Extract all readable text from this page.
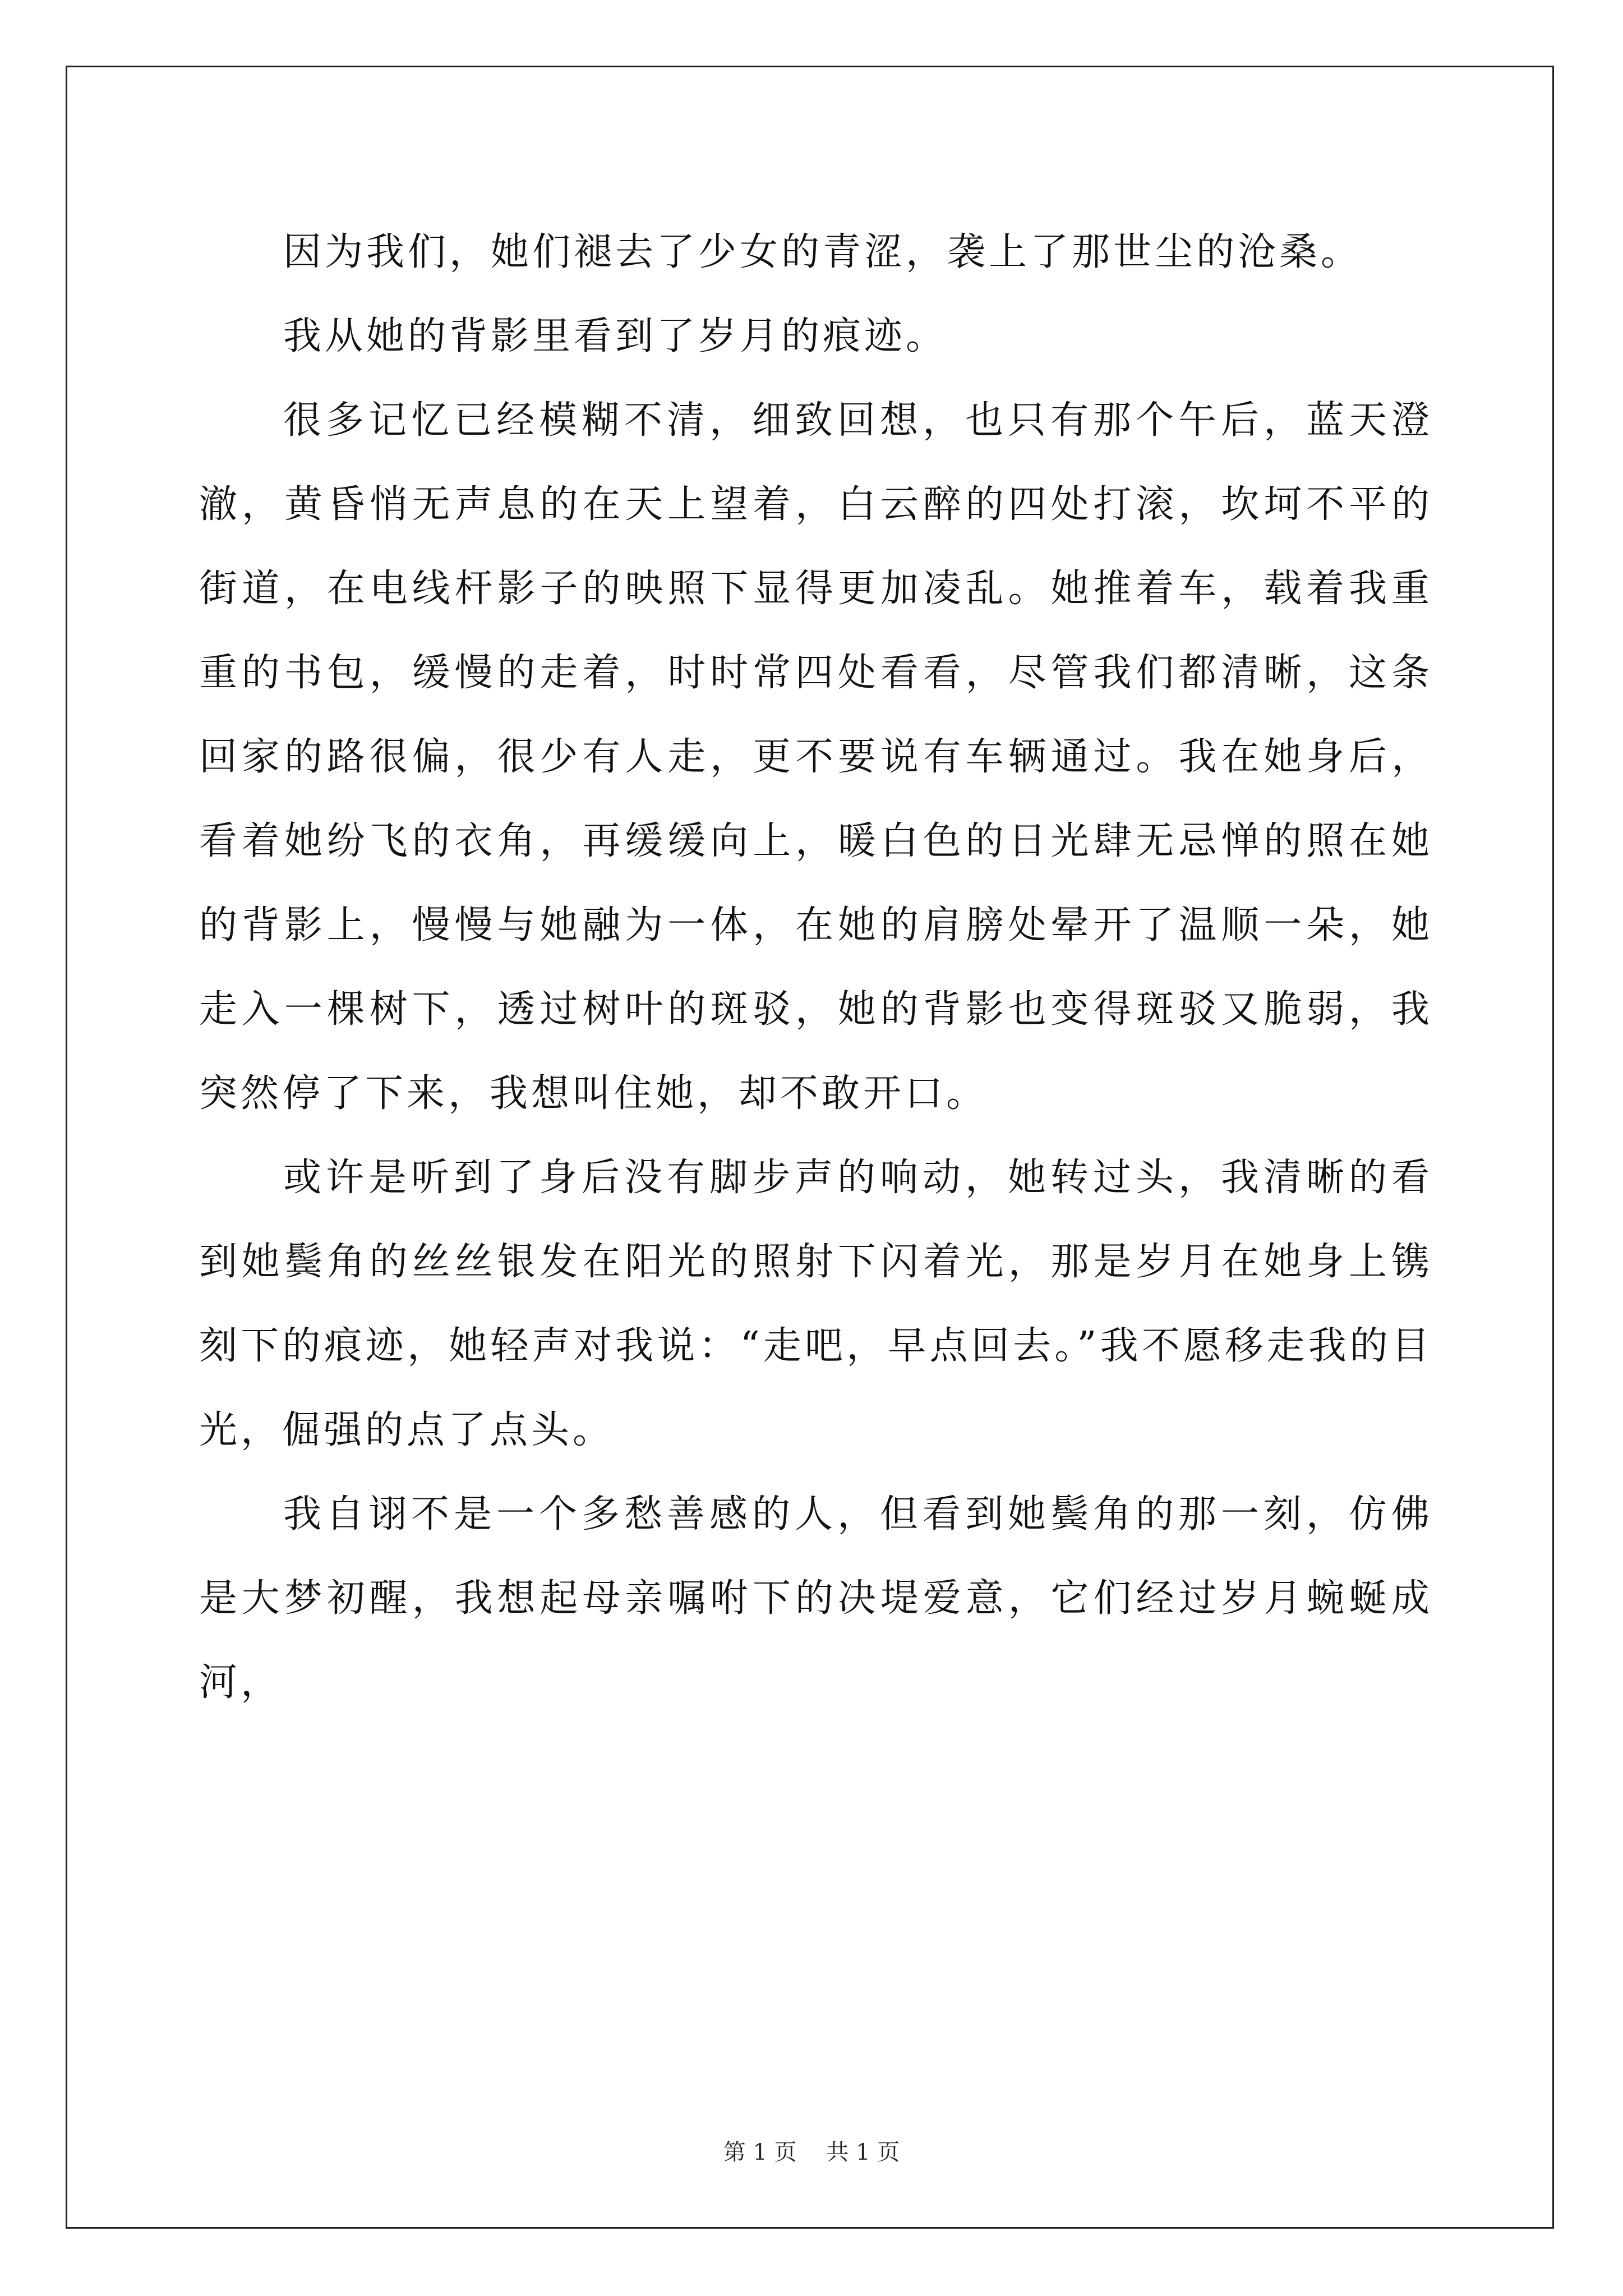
因为我们，她们褪去了少女的青涩，袭上了那世尘的沧桑。

我从她的背影里看到了岁月的痕迹。

很多记忆已经模糊不清，细致回想，也只有那个午后，蓝天澄澈，黄昏悄无声息的在天上望着，白云醉的四处打滚，坎坷不平的街道，在电线杆影子的映照下显得更加凌乱。她推着车，载着我重重的书包，缓慢的走着，时时常四处看看，尽管我们都清晰，这条回家的路很偏，很少有人走，更不要说有车辆通过。我在她身后，看着她纷飞的衣角，再缓缓向上，暖白色的日光肆无忌惮的照在她的背影上，慢慢与她融为一体，在她的肩膀处晕开了温顺一朵，她走入一棵树下，透过树叶的斑驳，她的背影也变得斑驳又脆弱，我突然停了下来，我想叫住她，却不敢开口。

或许是听到了身后没有脚步声的响动，她转过头，我清晰的看到她鬓角的丝丝银发在阳光的照射下闪着光，那是岁月在她身上镌刻下的痕迹，她轻声对我说：“走吧，早点回去。”我不愿移走我的目光，倔强的点了点头。

我自诩不是一个多愁善感的人，但看到她鬓角的那一刻，仿佛是大梦初醒，我想起母亲嘱咐下的决堤爱意，它们经过岁月蜿蜒成河，

第 1 页 共 1 页
